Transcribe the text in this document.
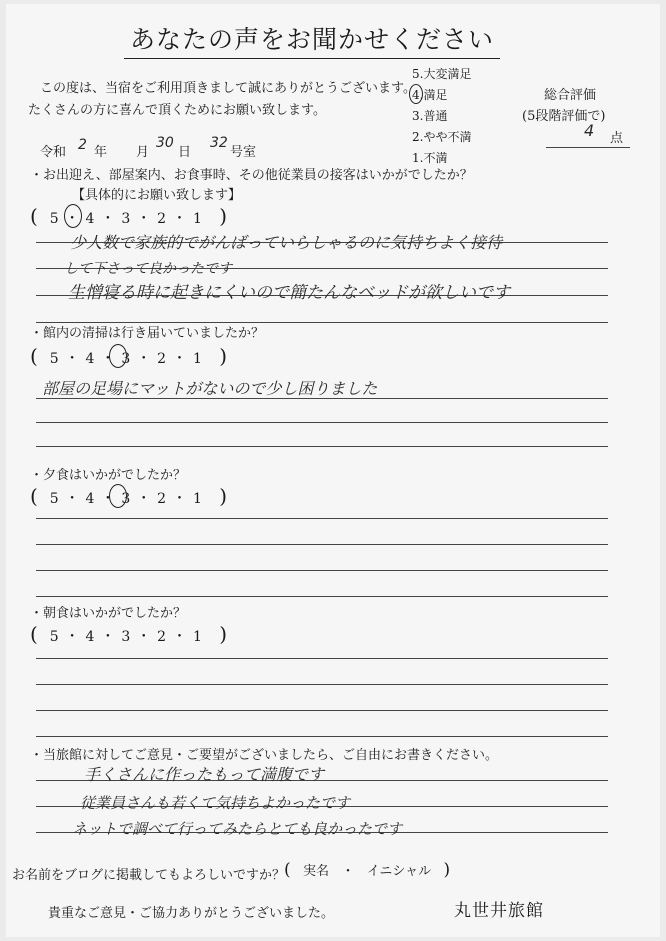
あなたの声をお聞かせください
この度は、当宿をご利用頂きまして誠にありがとうございます。
たくさんの方に喜んで頂くためにお願い致します。
5.大変満足
4.満足
3.普通
2.やや不満
1.不満
総合評価
(5段階評価で)
4 点
令和 2 年 月
30
日
32
号室
・お出迎え、部屋案内、お食事時、その他従業員の接客はいかがでしたか？
【具体的にお願い致します】
( 5 ・ 4 ・ 3 ・ 2 ・ 1 )
少人数で家族的でがんばっていらしゃるのに気持ちよく接待
して下さって良かったです
生憎寝る時に起きにくいので簡たんなベッドが欲しいです
・館内の清掃は行き届いていましたか？
( 5 ・ 4 ・ 3 ・ 2 ・ 1 )
部屋の足場にマットがないので少し困りました
・夕食はいかがでしたか？
( 5 ・ 4 ・ 3 ・ 2 ・ 1 )
・朝食はいかがでしたか？
( 5 ・ 4 ・ 3 ・ 2 ・ 1 )
・当旅館に対してご意見・ご要望がございましたら、ご自由にお書きください。
手くさんに作ったもって満腹です
従業員さんも若くて気持ちよかったです
ネットで調べて行ってみたらとても良かったです
お名前をブログに掲載してもよろしいですか？
( 実名   ・   イニシャル )
貴重なご意見・ご協力ありがとうございました。	丸世井旅館
